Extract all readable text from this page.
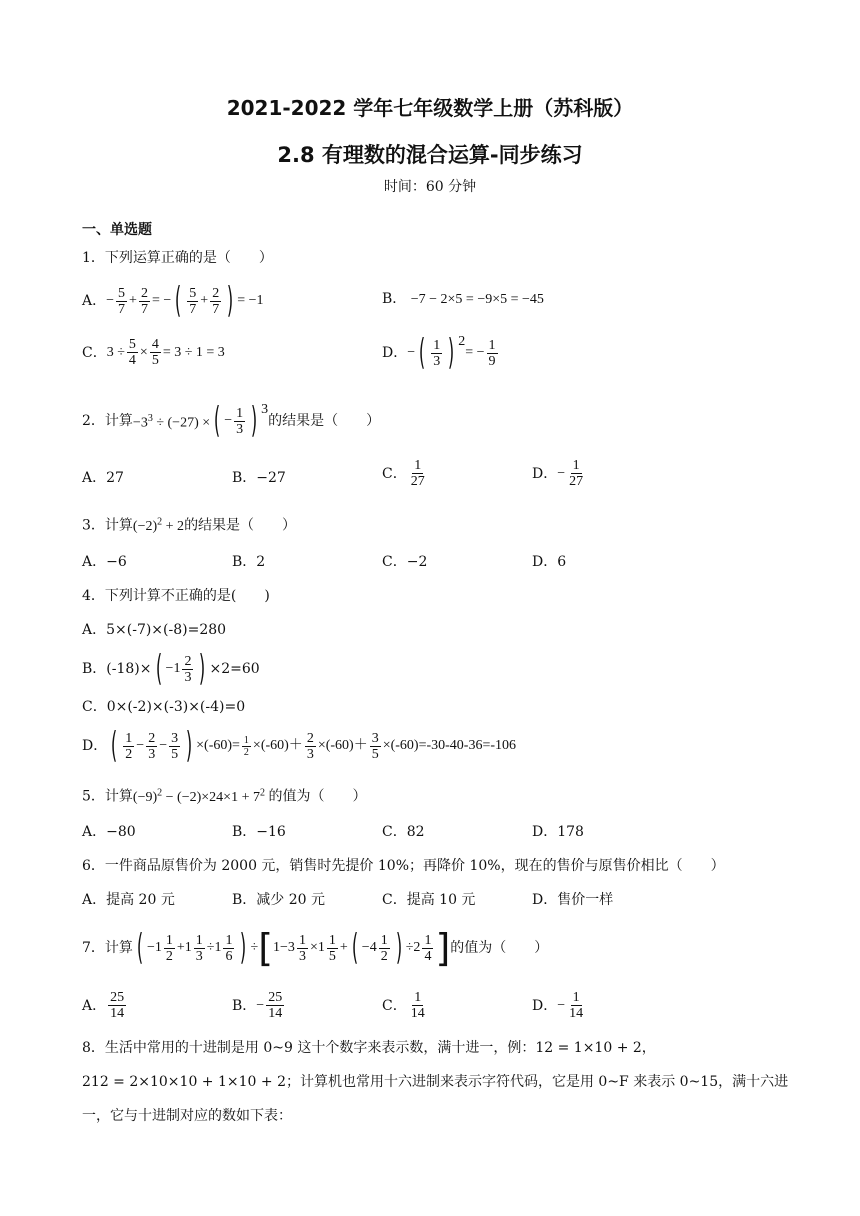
2021-2022 学年七年级数学上册（苏科版）
2.8 有理数的混合运算-同步练习
时间：60 分钟
一、单选题
1．下列运算正确的是（　　）
A． − $\frac{5}{7} + \frac{2}{7}$ = − ( $\frac{5}{7} + \frac{2}{7}$ ) = −1	B． −7 − 2×5 = −9×5 = −45
C． $3 \div \frac{5}{4} \times \frac{4}{5} = 3 \div 1 = 3$	D． − ( $\frac{1}{3}$ ) 2
= − $\frac{1}{9}$
2．计算 $-3^3 \div (-27)$ × ( − $\frac{1}{3}$ ) 3
的结果是（　　）
A．27	B．−27	C． $\frac{1}{27}$	D． − $\frac{1}{27}$
3．计算$(-2)^2 + 2$的结果是（　　）
A．−6	B．2	C．−2	D．6
4．下列计算不正确的是(　　)
A．5×(-7)×(-8)=280
B．(-18)× ( $-1 \frac{2}{3}$ ) ×2=60
C．0×(-2)×(-3)×(-4)=0
D． ( $\frac{1}{2} - \frac{2}{3} - \frac{3}{5}$ ) $\times(-60)= \frac{1}{2} \times(-60)+ \frac{2}{3} \times(-60)+ \frac{3}{5} \times(-60)=-30-40-36=-106$
5．计算$(-9)^2 - (-2)\times 24\times 1 + 7^2$ 的值为（　　）
A．−80	B．−16	C．82	D．178
6．一件商品原售价为 2000 元，销售时先提价 10%；再降价 10%，现在的售价与原售价相比（　　）
A．提高 20 元	B．减少 20 元	C．提高 10 元	D．售价一样
7．计算 ( $-1 \frac{1}{2} +1 \frac{1}{3} \div 1 \frac{1}{6}$ ) ÷ [ $1-3 \frac{1}{3} \times 1 \frac{1}{5}$ + ( $-4 \frac{1}{2}$ ) $\div 2 \frac{1}{4}$ ] 的值为（　　）
A． $\frac{25}{14}$	B． − $\frac{25}{14}$	C． $\frac{1}{14}$	D． − $\frac{1}{14}$
8．生活中常用的十进制是用 0~9 这十个数字来表示数，满十进一，例：12 = 1×10 + 2，
212 = 2×10×10 + 1×10 + 2；计算机也常用十六进制来表示字符代码，它是用 0~F 来表示 0~15，满十六进
一，它与十进制对应的数如下表：
